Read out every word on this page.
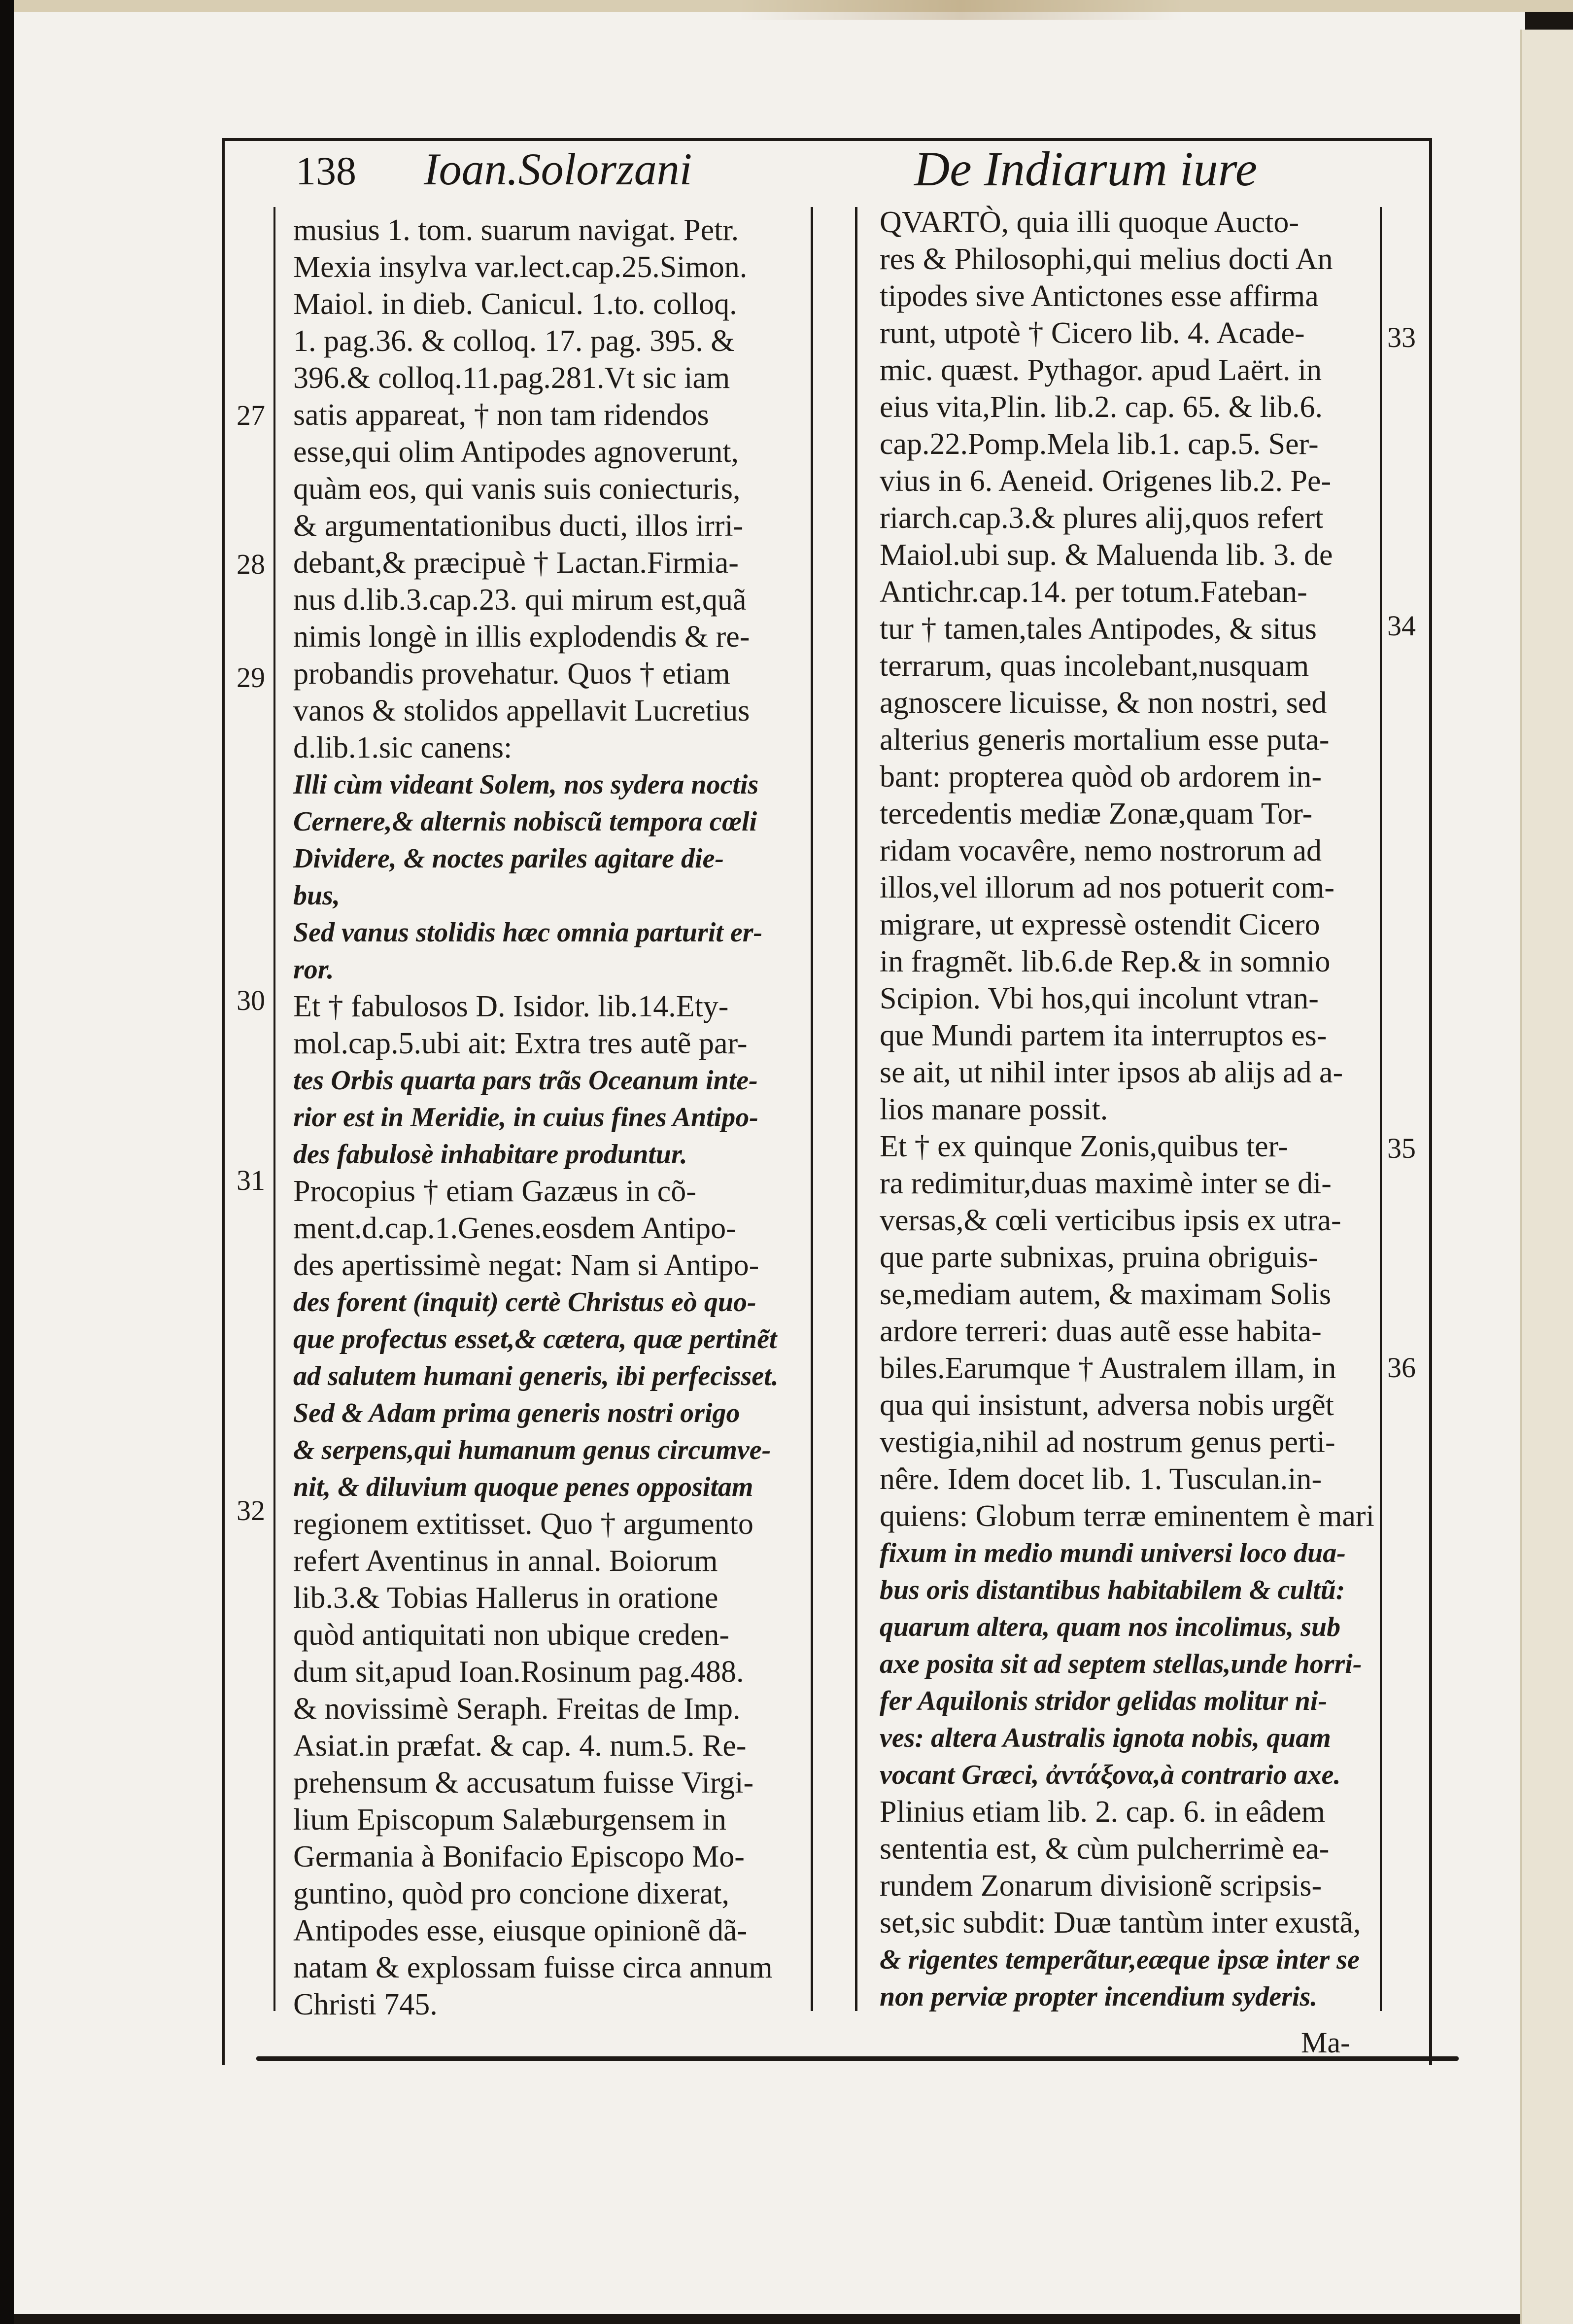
138 Ioan.Solorzani	De Indiarum iure
musius 1. tom. suarum navigat. Petr.
Mexia insylva var.lect.cap.25.Simon.
Maiol. in dieb. Canicul. 1.to. colloq.
1. pag.36. & colloq. 17. pag. 395. &
396.& colloq.11.pag.281.Vt sic iam
satis appareat, † non tam ridendos
esse,qui olim Antipodes agnoverunt,
quàm eos, qui vanis suis coniecturis,
& argumentationibus ducti, illos irri-
debant,& præcipuè † Lactan.Firmia-
nus d.lib.3.cap.23. qui mirum est,quã
nimis longè in illis explodendis & re-
probandis provehatur. Quos † etiam
vanos & stolidos appellavit Lucretius
d.lib.1.sic canens:
Illi cùm videant Solem, nos sydera noctis
Cernere,& alternis nobiscũ tempora cœli
Dividere, & noctes pariles agitare die-
bus,
Sed vanus stolidis hæc omnia parturit er-
ror.
Et † fabulosos D. Isidor. lib.14.Ety-
mol.cap.5.ubi ait: Extra tres autẽ par-
tes Orbis quarta pars trãs Oceanum inte-
rior est in Meridie, in cuius fines Antipo-
des fabulosè inhabitare produntur.
Procopius † etiam Gazæus in cõ-
ment.d.cap.1.Genes.eosdem Antipo-
des apertissimè negat: Nam si Antipo-
des forent (inquit) certè Christus eò quo-
que profectus esset,& cætera, quæ pertinẽt
ad salutem humani generis, ibi perfecisset.
Sed & Adam prima generis nostri origo
& serpens,qui humanum genus circumve-
nit, & diluvium quoque penes oppositam
regionem extitisset. Quo † argumento
refert Aventinus in annal. Boiorum
lib.3.& Tobias Hallerus in oratione
quòd antiquitati non ubique creden-
dum sit,apud Ioan.Rosinum pag.488.
& novissimè Seraph. Freitas de Imp.
Asiat.in præfat. & cap. 4. num.5. Re-
prehensum & accusatum fuisse Virgi-
lium Episcopum Salæburgensem in
Germania à Bonifacio Episcopo Mo-
guntino, quòd pro concione dixerat,
Antipodes esse, eiusque opinionẽ dã-
natam & explossam fuisse circa annum
Christi 745.
QVARTÒ, quia illi quoque Aucto-
res & Philosophi,qui melius docti An
tipodes sive Antictones esse affirma
runt, utpotè † Cicero lib. 4. Acade-
mic. quæst. Pythagor. apud Laërt. in
eius vita,Plin. lib.2. cap. 65. & lib.6.
cap.22.Pomp.Mela lib.1. cap.5. Ser-
vius in 6. Aeneid. Origenes lib.2. Pe-
riarch.cap.3.& plures alij,quos refert
Maiol.ubi sup. & Maluenda lib. 3. de
Antichr.cap.14. per totum.Fateban-
tur † tamen,tales Antipodes, & situs
terrarum, quas incolebant,nusquam
agnoscere licuisse, & non nostri, sed
alterius generis mortalium esse puta-
bant: propterea quòd ob ardorem in-
tercedentis mediæ Zonæ,quam Tor-
ridam vocavêre, nemo nostrorum ad
illos,vel illorum ad nos potuerit com-
migrare, ut expressè ostendit Cicero
in fragmẽt. lib.6.de Rep.& in somnio
Scipion. Vbi hos,qui incolunt vtran-
que Mundi partem ita interruptos es-
se ait, ut nihil inter ipsos ab alijs ad a-
lios manare possit.
Et † ex quinque Zonis,quibus ter-
ra redimitur,duas maximè inter se di-
versas,& cœli verticibus ipsis ex utra-
que parte subnixas, pruina obriguis-
se,mediam autem, & maximam Solis
ardore terreri: duas autẽ esse habita-
biles.Earumque † Australem illam, in
qua qui insistunt, adversa nobis urgẽt
vestigia,nihil ad nostrum genus perti-
nêre. Idem docet lib. 1. Tusculan.in-
quiens: Globum terræ eminentem è mari
fixum in medio mundi universi loco dua-
bus oris distantibus habitabilem & cultũ:
quarum altera, quam nos incolimus, sub
axe posita sit ad septem stellas,unde horri-
fer Aquilonis stridor gelidas molitur ni-
ves: altera Australis ignota nobis, quam
vocant Græci, ἀντάξονα,à contrario axe.
Plinius etiam lib. 2. cap. 6. in eâdem
sententia est, & cùm pulcherrimè ea-
rundem Zonarum divisionẽ scripsis-
set,sic subdit: Duæ tantùm inter exustã,
& rigentes temperãtur,eæque ipsæ inter se
non perviæ propter incendium syderis.
27
28
29
30
31
32
33
34
35
36
Ma-
